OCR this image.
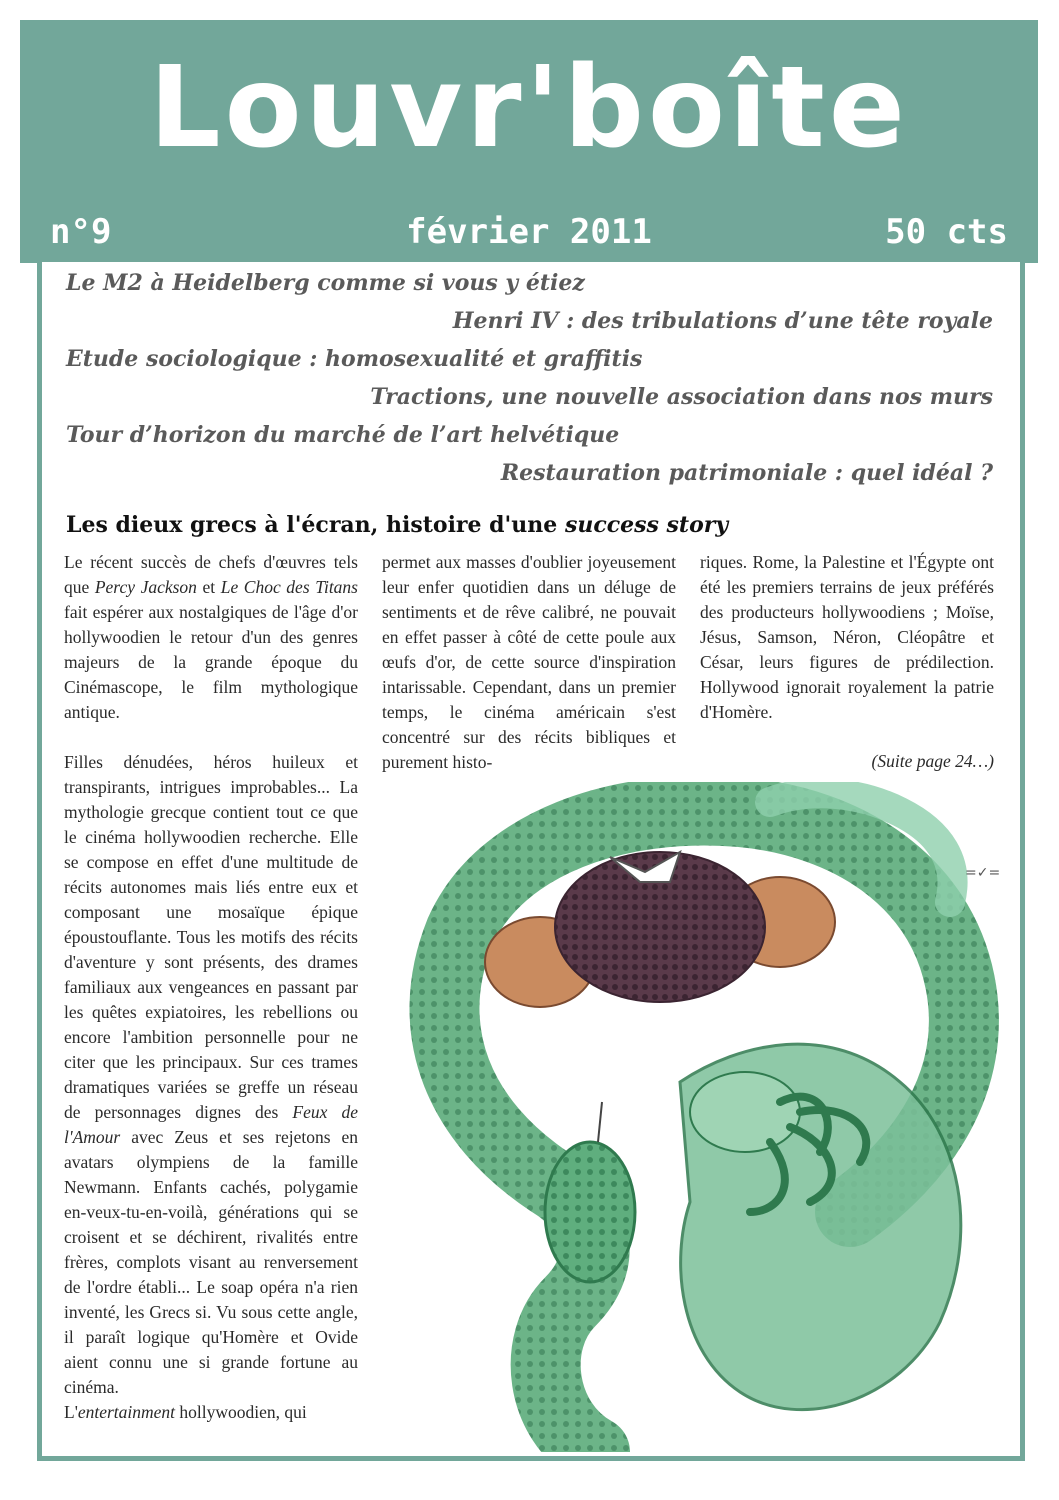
Louvr'boîte
n°9	février 2011	50 cts
Le M2 à Heidelberg comme si vous y étiez
Henri IV : des tribulations d’une tête royale
Etude sociologique : homosexualité et graffitis
Tractions, une nouvelle association dans nos murs
Tour d’horizon du marché de l’art helvétique
Restauration patrimoniale : quel idéal ?
Les dieux grecs à l'écran, histoire d'une success story

Le récent succès de chefs d'œuvres tels que Percy Jackson et Le Choc des Titans fait espérer aux nostalgiques de l'âge d'or hollywoodien le retour d'un des genres majeurs de la grande époque du Cinémascope, le film mythologique antique.

Filles dénudées, héros huileux et transpirants, intrigues improbables... La mythologie grecque contient tout ce que le cinéma hollywoodien recherche. Elle se compose en effet d'une multitude de récits autonomes mais liés entre eux et composant une mosaïque épique époustouflante. Tous les motifs des récits d'aventure y sont présents, des drames familiaux aux vengeances en passant par les quêtes expiatoires, les rebellions ou encore l'ambition personnelle pour ne citer que les principaux. Sur ces trames dramatiques variées se greffe un réseau de personnages dignes des Feux de l'Amour avec Zeus et ses rejetons en avatars olympiens de la famille Newmann. Enfants cachés, polygamie en-veux-tu-en-voilà, générations qui se croisent et se déchirent, rivalités entre frères, complots visant au renversement de l'ordre établi... Le soap opéra n'a rien inventé, les Grecs si. Vu sous cette angle, il paraît logique qu'Homère et Ovide aient connu une si grande fortune au cinéma.

L'entertainment hollywoodien, qui

permet aux masses d'oublier joyeusement leur enfer quotidien dans un déluge de sentiments et de rêve calibré, ne pouvait en effet passer à côté de cette poule aux œufs d'or, de cette source d'inspiration intarissable. Cependant, dans un premier temps, le cinéma américain s'est concentré sur des récits bibliques et purement histo-

riques. Rome, la Palestine et l'Égypte ont été les premiers terrains de jeux préférés des producteurs hollywoodiens ; Moïse, Jésus, Samson, Néron, Cléopâtre et César, leurs figures de prédilection. Hollywood ignorait royalement la patrie d'Homère.

(Suite page 24…)

=✓=
